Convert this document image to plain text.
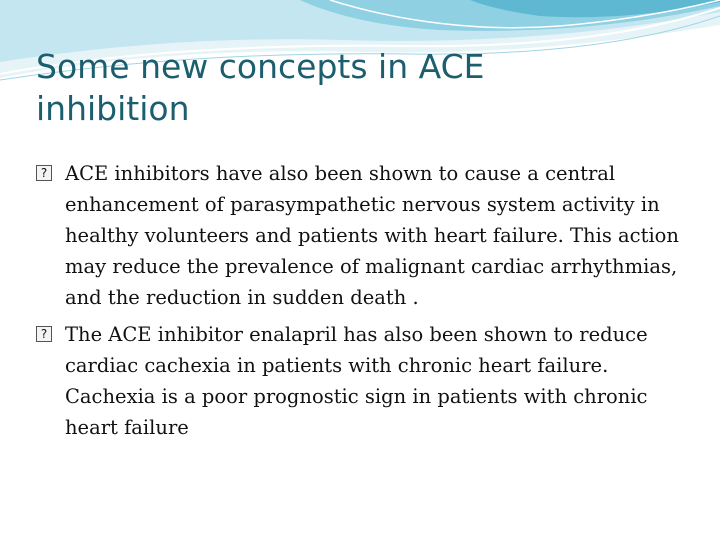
Some new concepts in ACE
inhibition

? ACE inhibitors have also been shown to cause a central enhancement of parasympathetic nervous system activity in healthy volunteers and patients with heart failure. This action may reduce the prevalence of malignant cardiac arrhythmias, and the reduction in sudden death .

? The ACE inhibitor enalapril has also been shown to reduce cardiac cachexia in patients with chronic heart failure. Cachexia is a poor prognostic sign in patients with chronic heart failure
